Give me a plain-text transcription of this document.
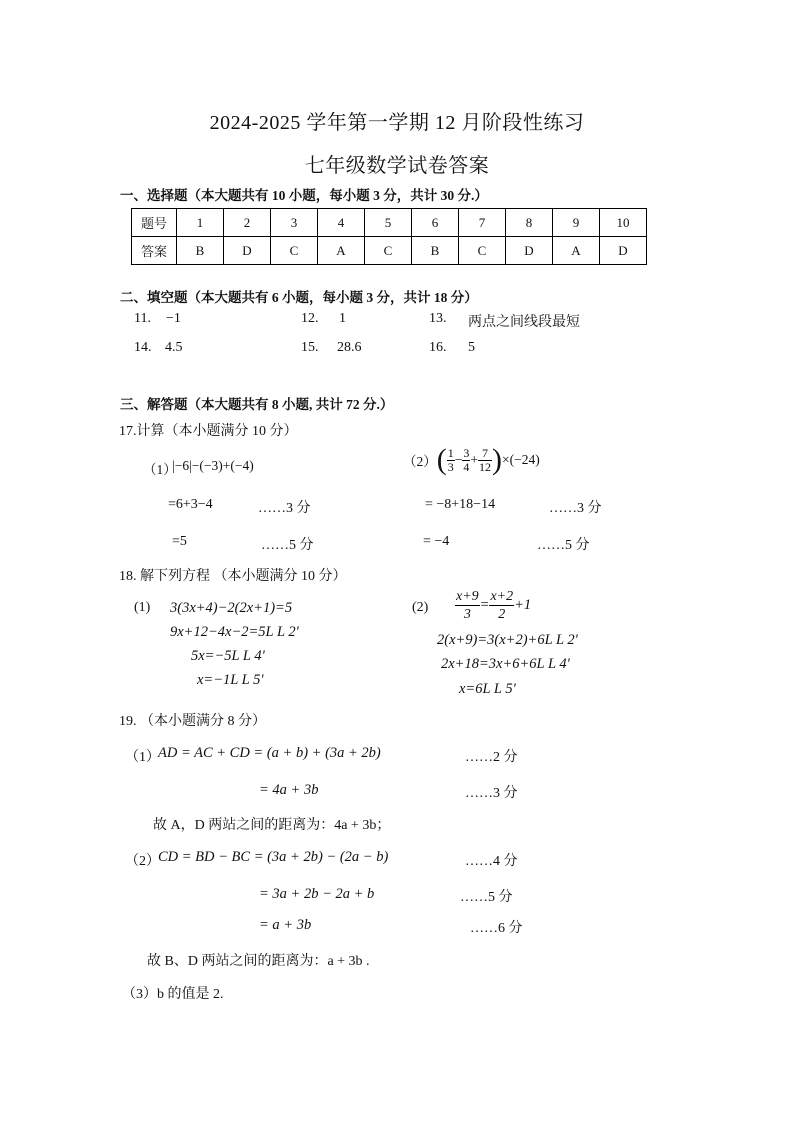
2024-2025 学年第一学期 12 月阶段性练习
七年级数学试卷答案
一、选择题（本大题共有 10 小题，每小题 3 分，共计 30 分.）
题号	1	2	3	4	5	6	7	8	9	10
答案	B	D	C	A	C	B	C	D	A	D
二、填空题（本大题共有 6 小题，每小题 3 分，共计 18 分）
11. −1	12. 1	13. 两点之间线段最短
14. 4.5	15. 28.6	16. 5
三、解答题（本大题共有 8 小题, 共计 72 分.）
17.计算（本小题满分 10 分）
（1）
|−6|−(−3)+(−4)
=6+3−4	……3 分
=5	……5 分
$(2)( \frac{1}{3} - \frac{3}{4} + \frac{7}{12} )\times(-24)$
= −8+18−14	……3 分
= −4	……5 分
18. 解下列方程 （本小题满分 10 分）
(1) 3(3x+4)−2(2x+1)=5
9x+12−4x−2=5L L 2'
5x=−5L L 4'
x=−1L L 5'
$(2) \frac{x+9}{3} = \frac{x+2}{2} +1$
2(x+9)=3(x+2)+6L L 2'
2x+18=3x+6+6L L 4'
x=6L L 5'
19. （本小题满分 8 分）
（1）
AD = AC + CD = (a + b) + (3a + 2b)	……2 分
= 4a + 3b	……3 分
故 A，D 两站之间的距离为：4a + 3b；
（2）
CD = BD − BC = (3a + 2b) − (2a − b)	……4 分
= 3a + 2b − 2a + b	……5 分
= a + 3b	……6 分
故 B、D 两站之间的距离为：a + 3b .
（3）b 的值是 2.
